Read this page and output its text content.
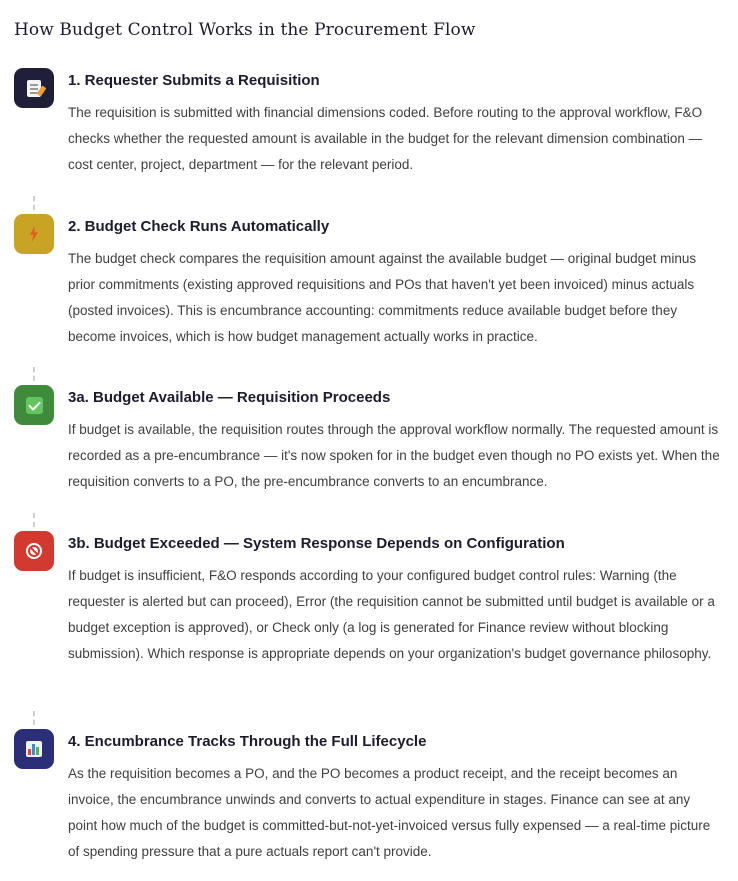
How Budget Control Works in the Procurement Flow
1. Requester Submits a Requisition

The requisition is submitted with financial dimensions coded. Before routing to the approval workflow, F&O checks whether the requested amount is available in the budget for the relevant dimension combination — cost center, project, department — for the relevant period.

2. Budget Check Runs Automatically

The budget check compares the requisition amount against the available budget — original budget minus prior commitments (existing approved requisitions and POs that haven't yet been invoiced) minus actuals (posted invoices). This is encumbrance accounting: commitments reduce available budget before they become invoices, which is how budget management actually works in practice.

3a. Budget Available — Requisition Proceeds

If budget is available, the requisition routes through the approval workflow normally. The requested amount is recorded as a pre-encumbrance — it's now spoken for in the budget even though no PO exists yet. When the requisition converts to a PO, the pre-encumbrance converts to an encumbrance.

3b. Budget Exceeded — System Response Depends on Configuration

If budget is insufficient, F&O responds according to your configured budget control rules: Warning (the requester is alerted but can proceed), Error (the requisition cannot be submitted until budget is available or a budget exception is approved), or Check only (a log is generated for Finance review without blocking submission). Which response is appropriate depends on your organization's budget governance philosophy.

4. Encumbrance Tracks Through the Full Lifecycle

As the requisition becomes a PO, and the PO becomes a product receipt, and the receipt becomes an invoice, the encumbrance unwinds and converts to actual expenditure in stages. Finance can see at any point how much of the budget is committed-but-not-yet-invoiced versus fully expensed — a real-time picture of spending pressure that a pure actuals report can't provide.
